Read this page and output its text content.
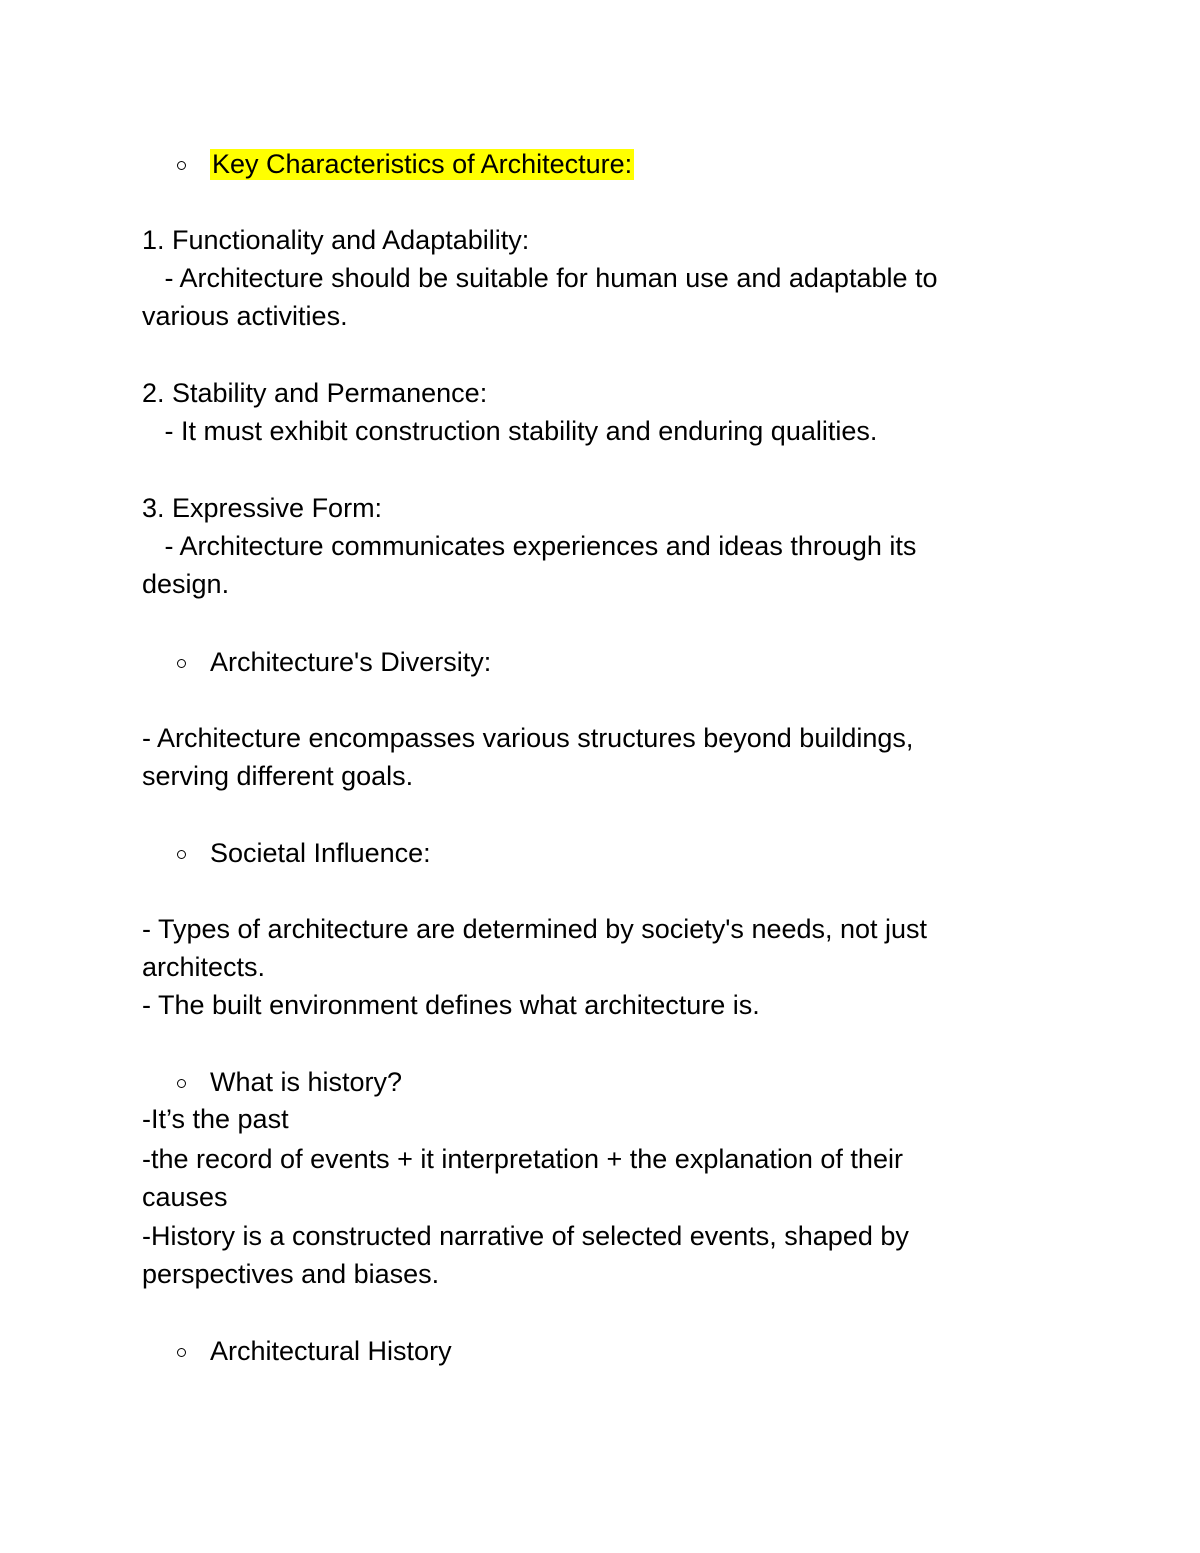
Key Characteristics of Architecture:
1. Functionality and Adaptability:
- Architecture should be suitable for human use and adaptable to
various activities.
2. Stability and Permanence:
- It must exhibit construction stability and enduring qualities.
3. Expressive Form:
- Architecture communicates experiences and ideas through its
design.
Architecture's Diversity:
- Architecture encompasses various structures beyond buildings,
serving different goals.
Societal Influence:
- Types of architecture are determined by society's needs, not just
architects.
- The built environment defines what architecture is.
What is history?
-It’s the past
-the record of events + it interpretation + the explanation of their
causes
-History is a constructed narrative of selected events, shaped by
perspectives and biases.
Architectural History
